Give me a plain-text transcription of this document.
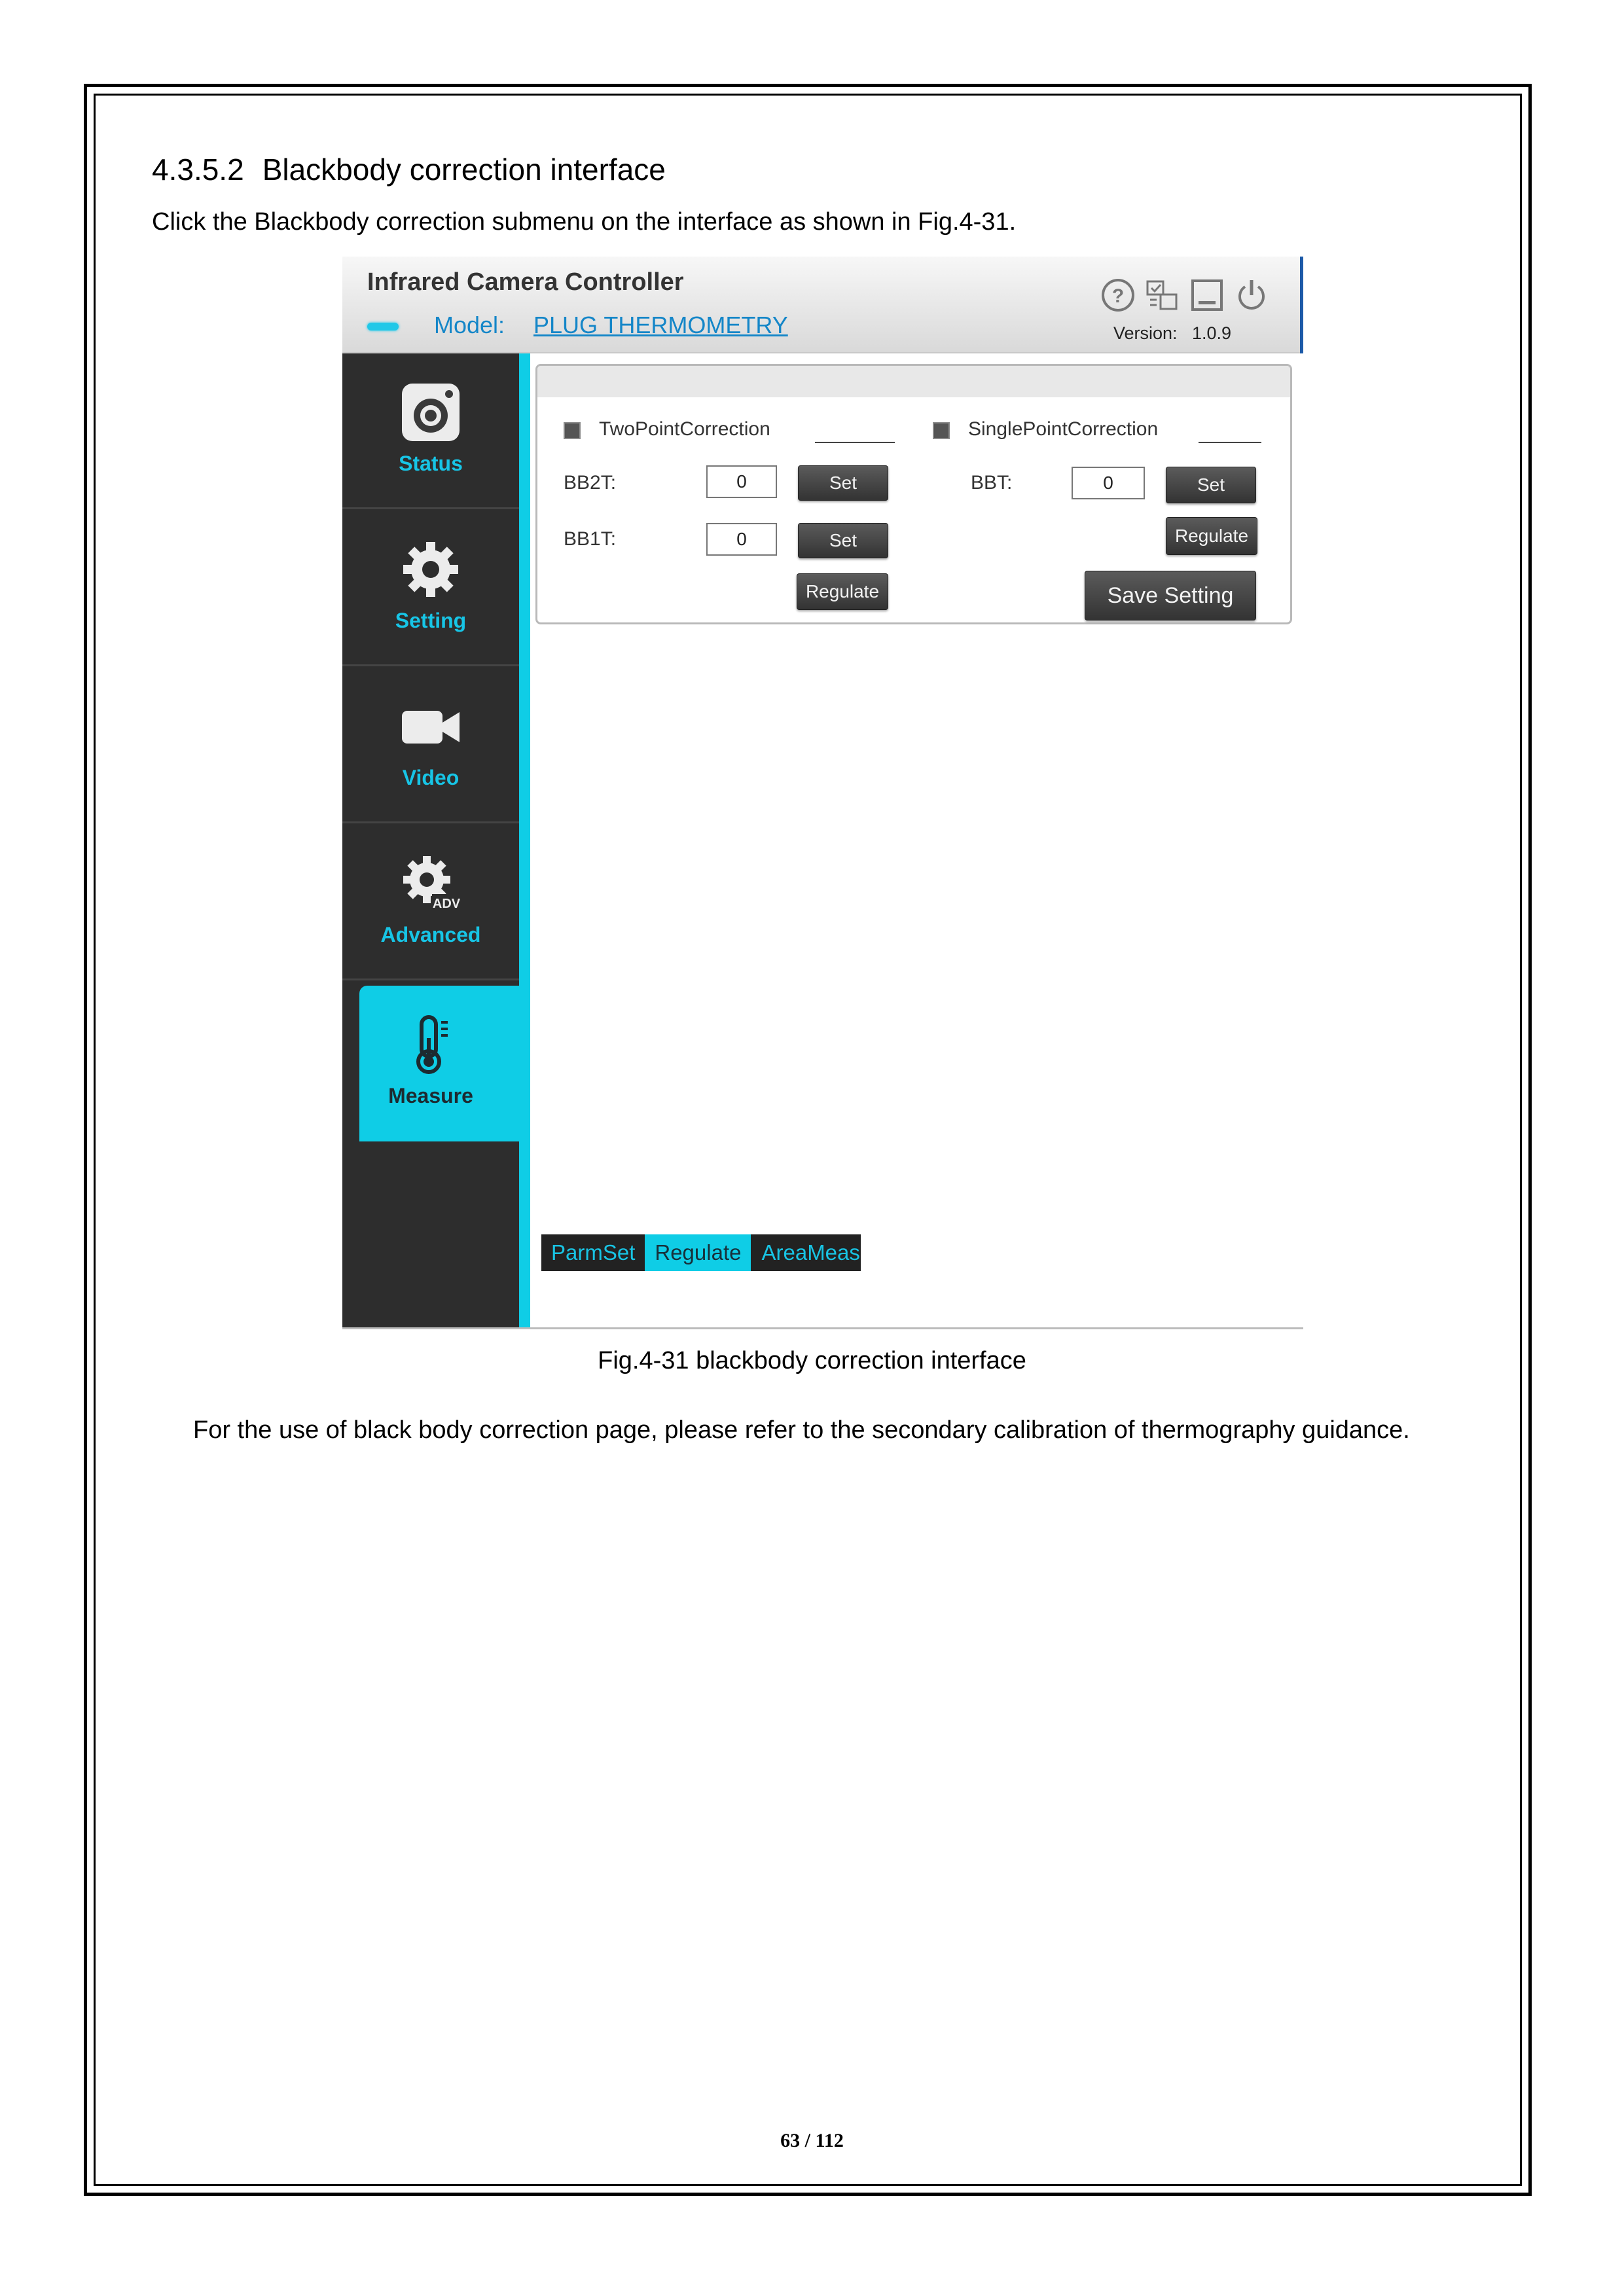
4.3.5.2 Blackbody correction interface
Click the Blackbody correction submenu on the interface as shown in Fig.4-31.
Infrared Camera Controller
Model: PLUG THERMOMETRY
?
Version: 1.0.9
Status
Setting
Video
ADV
Advanced
Measure
TwoPointCorrection
BB2T:	0	Set
BB1T:	0	Set
Regulate
SinglePointCorrection
BBT:	0	Set
Regulate
Save Setting
ParmSet Regulate AreaMeas
Fig.4-31 blackbody correction interface
For the use of black body correction page, please refer to the secondary calibration of thermography guidance.
63 / 112
